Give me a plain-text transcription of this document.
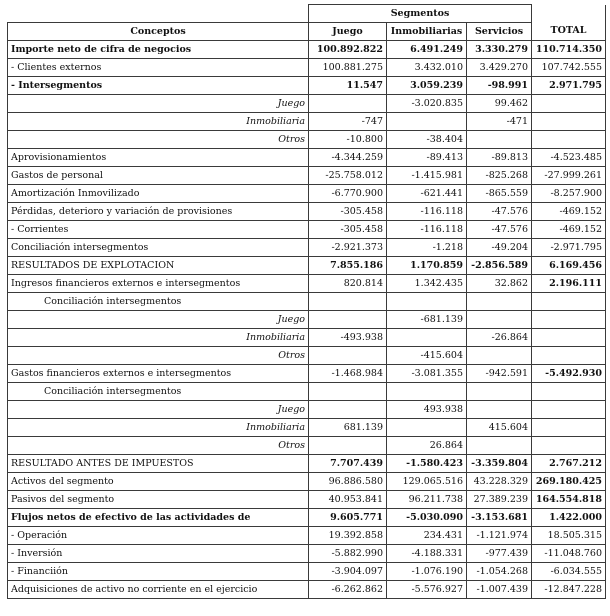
	Segmentos			
Conceptos	Juego	Inmobiliarias	Servicios	TOTAL
Importe neto de cifra de negocios	100.892.822	6.491.249	3.330.279	110.714.350
- Clientes externos	100.881.275	3.432.010	3.429.270	107.742.555
- Intersegmentos	11.547	3.059.239	-98.991	2.971.795
Juego		-3.020.835	99.462	
Inmobiliaria	-747		-471	
Otros	-10.800	-38.404		
Aprovisionamientos	-4.344.259	-89.413	-89.813	-4.523.485
Gastos de personal	-25.758.012	-1.415.981	-825.268	-27.999.261
Amortización Inmovilizado	-6.770.900	-621.441	-865.559	-8.257.900
Pérdidas, deterioro y variación de provisiones	-305.458	-116.118	-47.576	-469.152
- Corrientes	-305.458	-116.118	-47.576	-469.152
Conciliación intersegmentos	-2.921.373	-1.218	-49.204	-2.971.795
RESULTADOS DE EXPLOTACION	7.855.186	1.170.859	-2.856.589	6.169.456
Ingresos financieros externos e intersegmentos	820.814	1.342.435	32.862	2.196.111
Conciliación intersegmentos				
Juego		-681.139		
Inmobiliaria	-493.938		-26.864	
Otros		-415.604		
Gastos financieros externos e intersegmentos	-1.468.984	-3.081.355	-942.591	-5.492.930
Conciliación intersegmentos				
Juego		493.938		
Inmobiliaria	681.139		415.604	
Otros		26.864		
RESULTADO ANTES DE IMPUESTOS	7.707.439	-1.580.423	-3.359.804	2.767.212
Activos del segmento	96.886.580	129.065.516	43.228.329	269.180.425
Pasivos del segmento	40.953.841	96.211.738	27.389.239	164.554.818
Flujos netos de efectivo de las actividades de	9.605.771	-5.030.090	-3.153.681	1.422.000
- Operación	19.392.858	234.431	-1.121.974	18.505.315
- Inversión	-5.882.990	-4.188.331	-977.439	-11.048.760
- Financiión	-3.904.097	-1.076.190	-1.054.268	-6.034.555
Adquisiciones de activo no corriente en el ejercicio	-6.262.862	-5.576.927	-1.007.439	-12.847.228
